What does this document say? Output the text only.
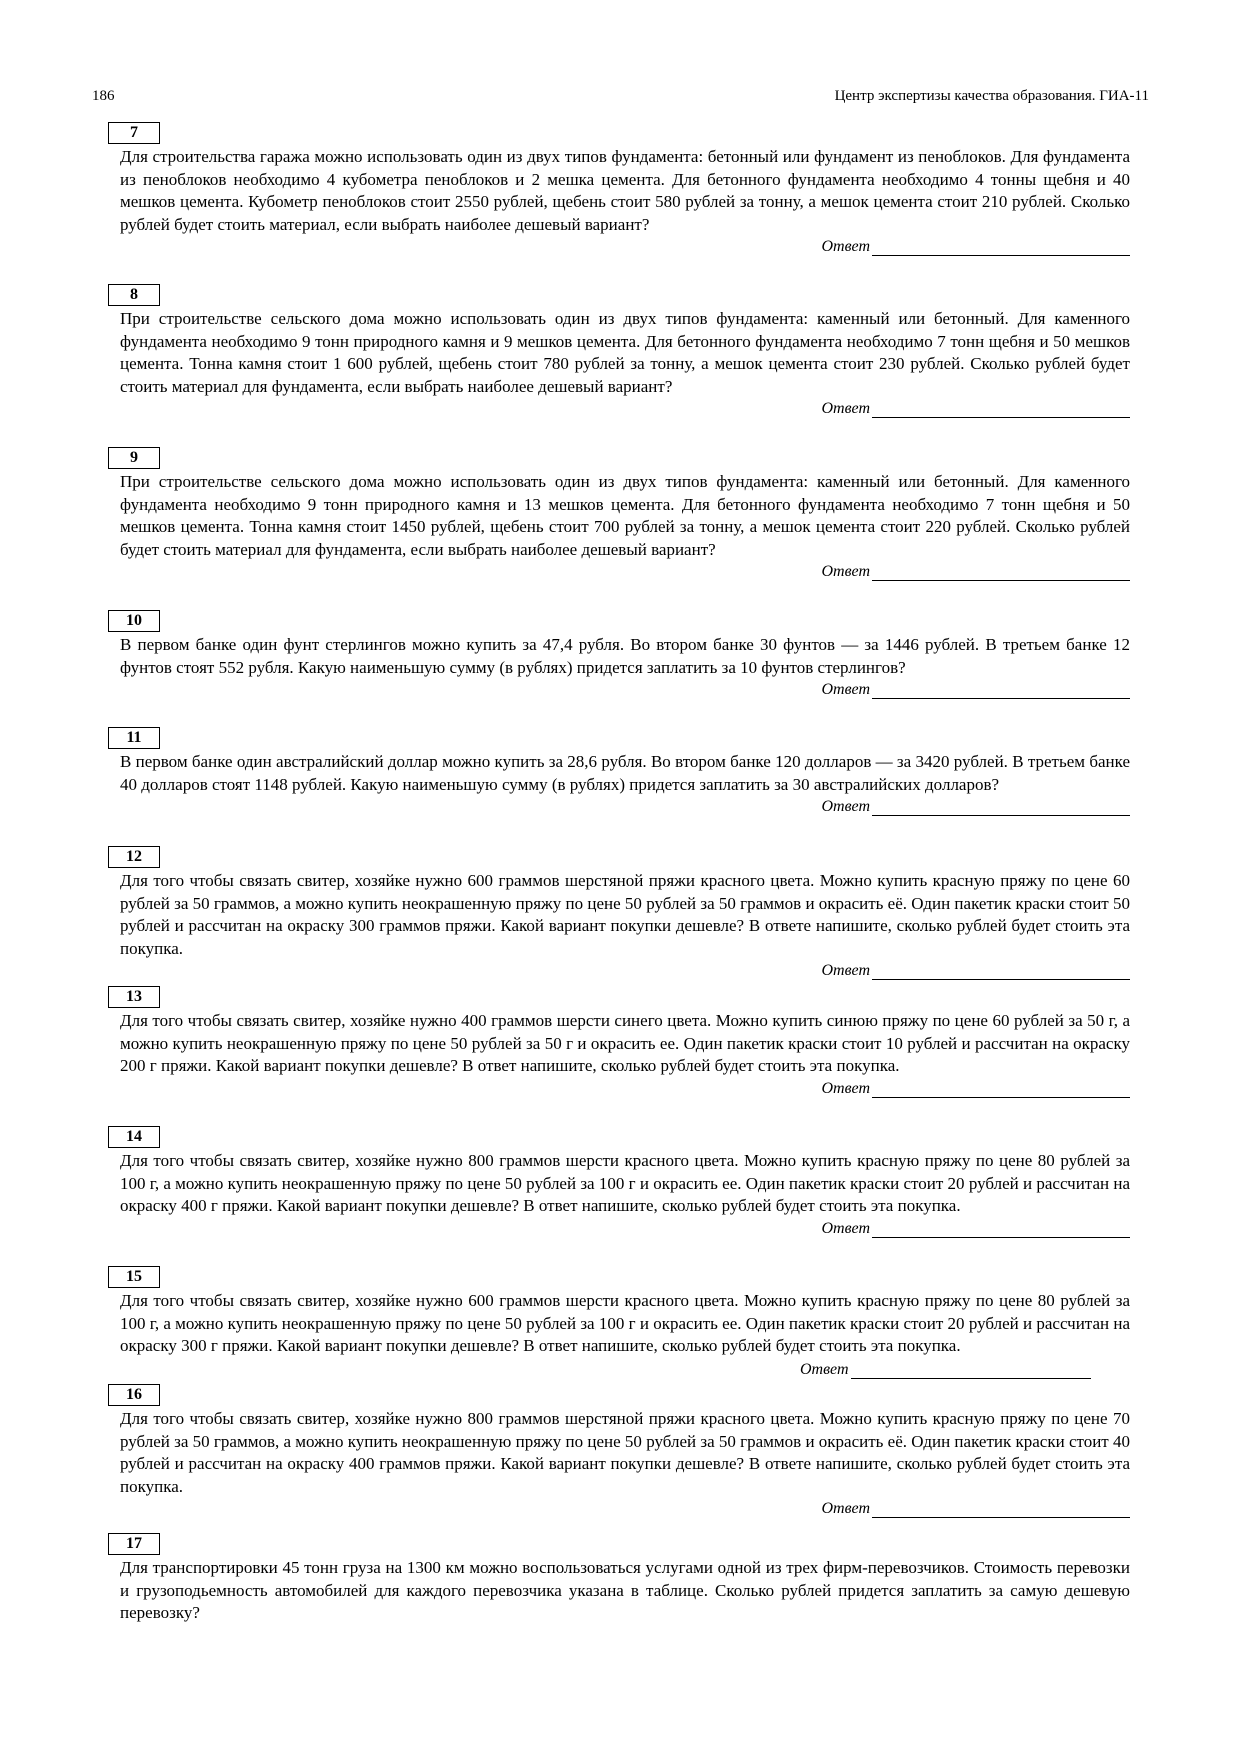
186	Центр экспертизы качества образования. ГИА-11
7
Для строительства гаража можно использовать один из двух типов фундамента: бетонный или фундамент из пеноблоков. Для фундамента из пеноблоков необходимо 4 кубометра пеноблоков и 2 мешка цемента. Для бетонного фундамента необходимо 4 тонны щебня и 40 мешков цемента. Кубометр пеноблоков стоит 2550 рублей, щебень стоит 580 рублей за тонну, а мешок цемента стоит 210 рублей. Сколько рублей будет стоить материал, если выбрать наиболее дешевый вариант?
Ответ
8
При строительстве сельского дома можно использовать один из двух типов фундамента: каменный или бетонный. Для каменного фундамента необходимо 9 тонн природного камня и 9 мешков цемента. Для бетонного фундамента необходимо 7 тонн щебня и 50 мешков цемента. Тонна камня стоит 1 600 рублей, щебень стоит 780 рублей за тонну, а мешок цемента стоит 230 рублей. Сколько рублей будет стоить материал для фундамента, если выбрать наиболее дешевый вариант?
Ответ
9
При строительстве сельского дома можно использовать один из двух типов фундамента: каменный или бетонный. Для каменного фундамента необходимо 9 тонн природного камня и 13 мешков цемента. Для бетонного фундамента необходимо 7 тонн щебня и 50 мешков цемента. Тонна камня стоит 1450 рублей, щебень стоит 700 рублей за тонну, а мешок цемента стоит 220 рублей. Сколько рублей будет стоить материал для фундамента, если выбрать наиболее дешевый вариант?
Ответ
10
В первом банке один фунт стерлингов можно купить за 47,4 рубля. Во втором банке 30 фунтов — за 1446 рублей. В третьем банке 12 фунтов стоят 552 рубля. Какую наименьшую сумму (в рублях) придется заплатить за 10 фунтов стерлингов?
Ответ
11
В первом банке один австралийский доллар можно купить за 28,6 рубля. Во втором банке 120 долларов — за 3420 рублей. В третьем банке 40 долларов стоят 1148 рублей. Какую наименьшую сумму (в рублях) придется заплатить за 30 австралийских долларов?
Ответ
12
Для того чтобы связать свитер, хозяйке нужно 600 граммов шерстяной пряжи красного цвета. Можно купить красную пряжу по цене 60 рублей за 50 граммов, а можно купить неокрашенную пряжу по цене 50 рублей за 50 граммов и окрасить её. Один пакетик краски стоит 50 рублей и рассчитан на окраску 300 граммов пряжи. Какой вариант покупки дешевле? В ответе напишите, сколько рублей будет стоить эта покупка.
Ответ
13
Для того чтобы связать свитер, хозяйке нужно 400 граммов шерсти синего цвета. Можно купить синюю пряжу по цене 60 рублей за 50 г, а можно купить неокрашенную пряжу по цене 50 рублей за 50 г и окрасить ее. Один пакетик краски стоит 10 рублей и рассчитан на окраску 200 г пряжи. Какой вариант покупки дешевле? В ответ напишите, сколько рублей будет стоить эта покупка.
Ответ
14
Для того чтобы связать свитер, хозяйке нужно 800 граммов шерсти красного цвета. Можно купить красную пряжу по цене 80 рублей за 100 г, а можно купить неокрашенную пряжу по цене 50 рублей за 100 г и окрасить ее. Один пакетик краски стоит 20 рублей и рассчитан на окраску 400 г пряжи. Какой вариант покупки дешевле? В ответ напишите, сколько рублей будет стоить эта покупка.
Ответ
15
Для того чтобы связать свитер, хозяйке нужно 600 граммов шерсти красного цвета. Можно купить красную пряжу по цене 80 рублей за 100 г, а можно купить неокрашенную пряжу по цене 50 рублей за 100 г и окрасить ее. Один пакетик краски стоит 20 рублей и рассчитан на окраску 300 г пряжи. Какой вариант покупки дешевле? В ответ напишите, сколько рублей будет стоить эта покупка.
16
Для того чтобы связать свитер, хозяйке нужно 800 граммов шерстяной пряжи красного цвета. Можно купить красную пряжу по цене 70 рублей за 50 граммов, а можно купить неокрашенную пряжу по цене 50 рублей за 50 граммов и окрасить её. Один пакетик краски стоит 40 рублей и рассчитан на окраску 400 граммов пряжи. Какой вариант покупки дешевле? В ответе напишите, сколько рублей будет стоить эта покупка.
Ответ
17
Для транспортировки 45 тонн груза на 1300 км можно воспользоваться услугами одной из трех фирм-перевозчиков. Стоимость перевозки и грузоподьемность автомобилей для каждого перевозчика указана в таблице. Сколько рублей придется заплатить за самую дешевую перевозку?
Ответ
